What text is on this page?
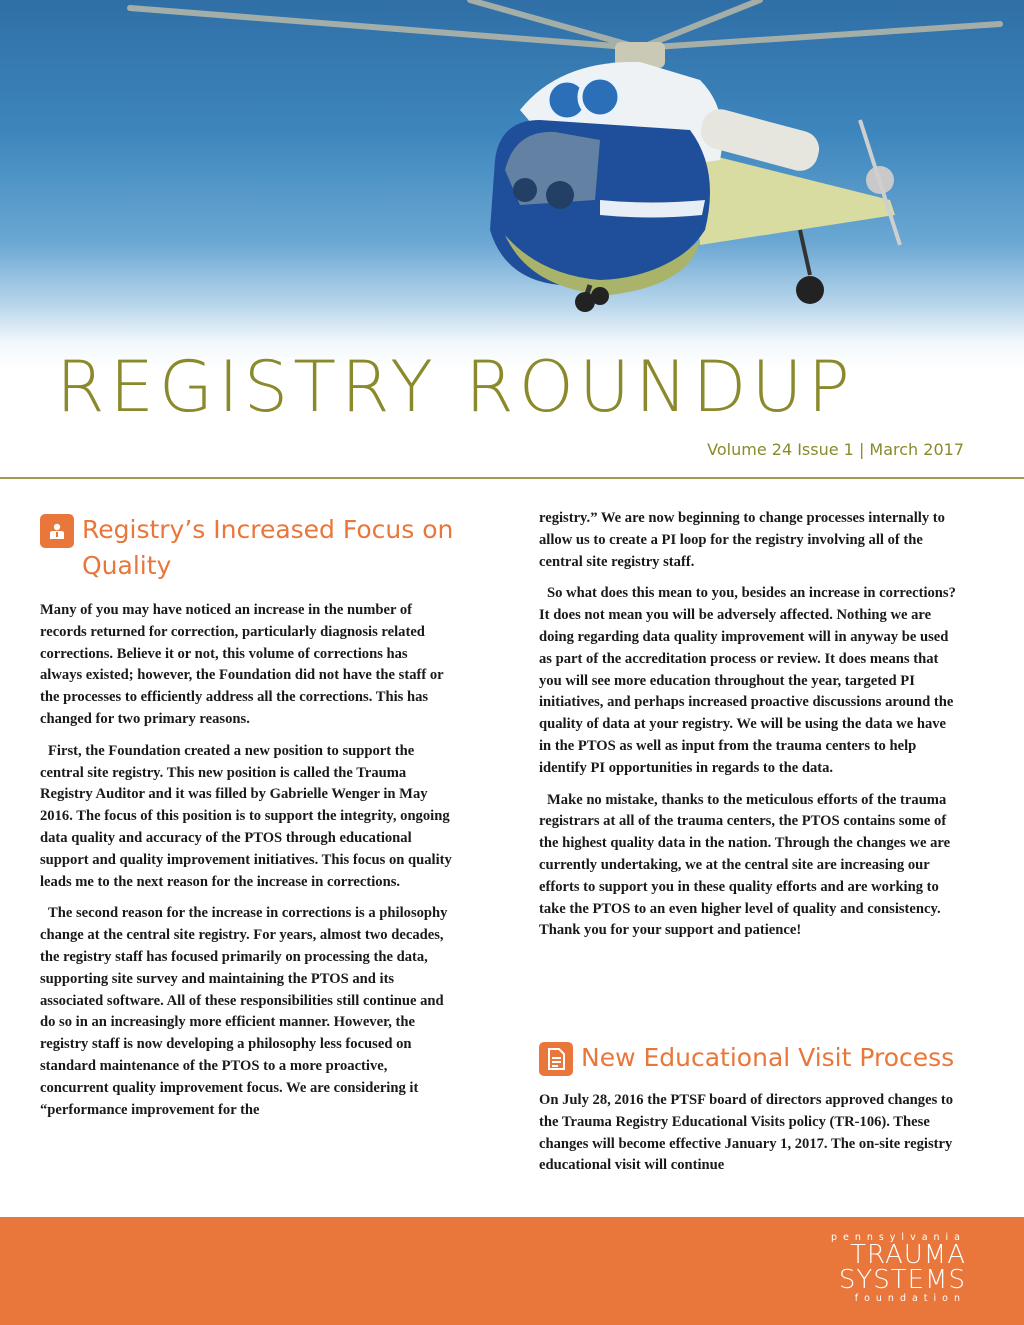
REGISTRY ROUNDUP
Volume 24 Issue 1 | March 2017
Registry’s Increased Focus on Quality

Many of you may have noticed an increase in the number of records returned for correction, particularly diagnosis related corrections. Believe it or not, this volume of corrections has always existed; however, the Foundation did not have the staff or the processes to efficiently address all the corrections. This has changed for two primary reasons.

First, the Foundation created a new position to support the central site registry. This new position is called the Trauma Registry Auditor and it was filled by Gabrielle Wenger in May 2016. The focus of this position is to support the integrity, ongoing data quality and accuracy of the PTOS through educational support and quality improvement initiatives. This focus on quality leads me to the next reason for the increase in corrections.

The second reason for the increase in corrections is a philosophy change at the central site registry. For years, almost two decades, the registry staff has focused primarily on processing the data, supporting site survey and maintaining the PTOS and its associated software. All of these responsibilities still continue and do so in an increasingly more efficient manner. However, the registry staff is now developing a philosophy less focused on standard maintenance of the PTOS to a more proactive, concurrent quality improvement focus. We are considering it “performance improvement for the

registry.” We are now beginning to change processes internally to allow us to create a PI loop for the registry involving all of the central site registry staff.

So what does this mean to you, besides an increase in corrections? It does not mean you will be adversely affected. Nothing we are doing regarding data quality improvement will in anyway be used as part of the accreditation process or review. It does means that you will see more education throughout the year, targeted PI initiatives, and perhaps increased proactive discussions around the quality of data at your registry. We will be using the data we have in the PTOS as well as input from the trauma centers to help identify PI opportunities in regards to the data.

Make no mistake, thanks to the meticulous efforts of the trauma registrars at all of the trauma centers, the PTOS contains some of the highest quality data in the nation. Through the changes we are currently undertaking, we at the central site are increasing our efforts to support you in these quality efforts and are working to take the PTOS to an even higher level of quality and consistency. Thank you for your support and patience!

New Educational Visit Process

On July 28, 2016 the PTSF board of directors approved changes to the Trauma Registry Educational Visits policy (TR-106). These changes will become effective January 1, 2017. The on-site registry educational visit will continue

pennsylvania
TRAUMA
SYSTEMS
foundation
